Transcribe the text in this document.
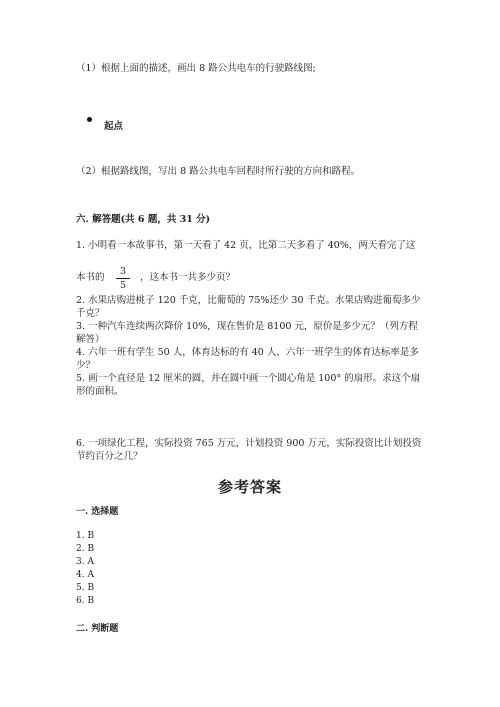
（1）根据上面的描述，画出 8 路公共电车的行驶路线图;
起点
（2）根据路线图，写出 8 路公共电车回程时所行驶的方向和路程。
六. 解答题(共 6 题，共 31 分)
1. 小明看一本故事书，第一天看了 42 页，比第二天多看了 40%，两天看完了这
本书的
3
5
，这本书一共多少页？
2. 水果店购进桃子 120 千克，比葡萄的 75%还少 30 千克。水果店购进葡萄多少千克？
3. 一种汽车连续两次降价 10%，现在售价是 8100 元，原价是多少元？（列方程解答）
4. 六年一班有学生 50 人，体育达标的有 40 人，六年一班学生的体育达标率是多少？
5. 画一个直径是 12 厘米的圆，并在圆中画一个圆心角是 100° 的扇形。求这个扇形的面积。
6. 一项绿化工程，实际投资 765 万元，计划投资 900 万元，实际投资比计划投资节约百分之几？
参考答案
一. 选择题
1. B
2. B
3. A
4. A
5. B
6. B
二. 判断题
